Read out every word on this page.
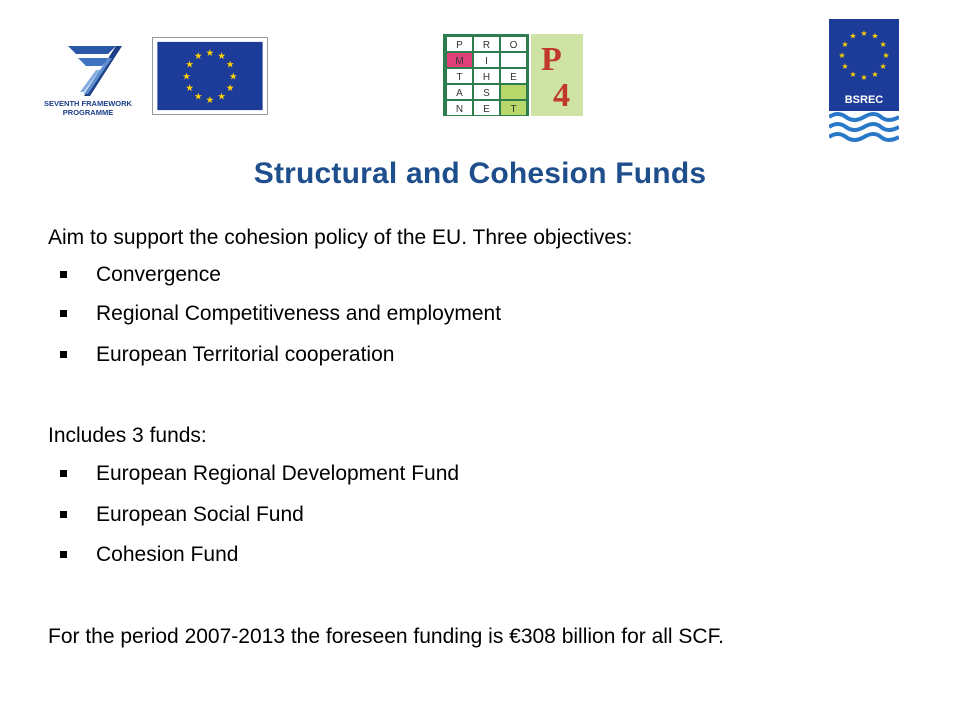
SEVENTH FRAMEWORK
PROGRAMME
★
★
★
★
★
★
★
★
★ ★ ★
★
P R O
M I
T H E
A S
N E T
P
4
★
★
★
★
★
★
★
★
★ ★ ★
★
BSREC
Structural and Cohesion Funds
Aim to support the cohesion policy of the EU. Three objectives:
Convergence
Regional Competitiveness and employment
European Territorial cooperation
Includes 3 funds:
European Regional Development Fund
European Social Fund
Cohesion Fund
For the period 2007-2013 the foreseen funding is €308 billion for all SCF.
